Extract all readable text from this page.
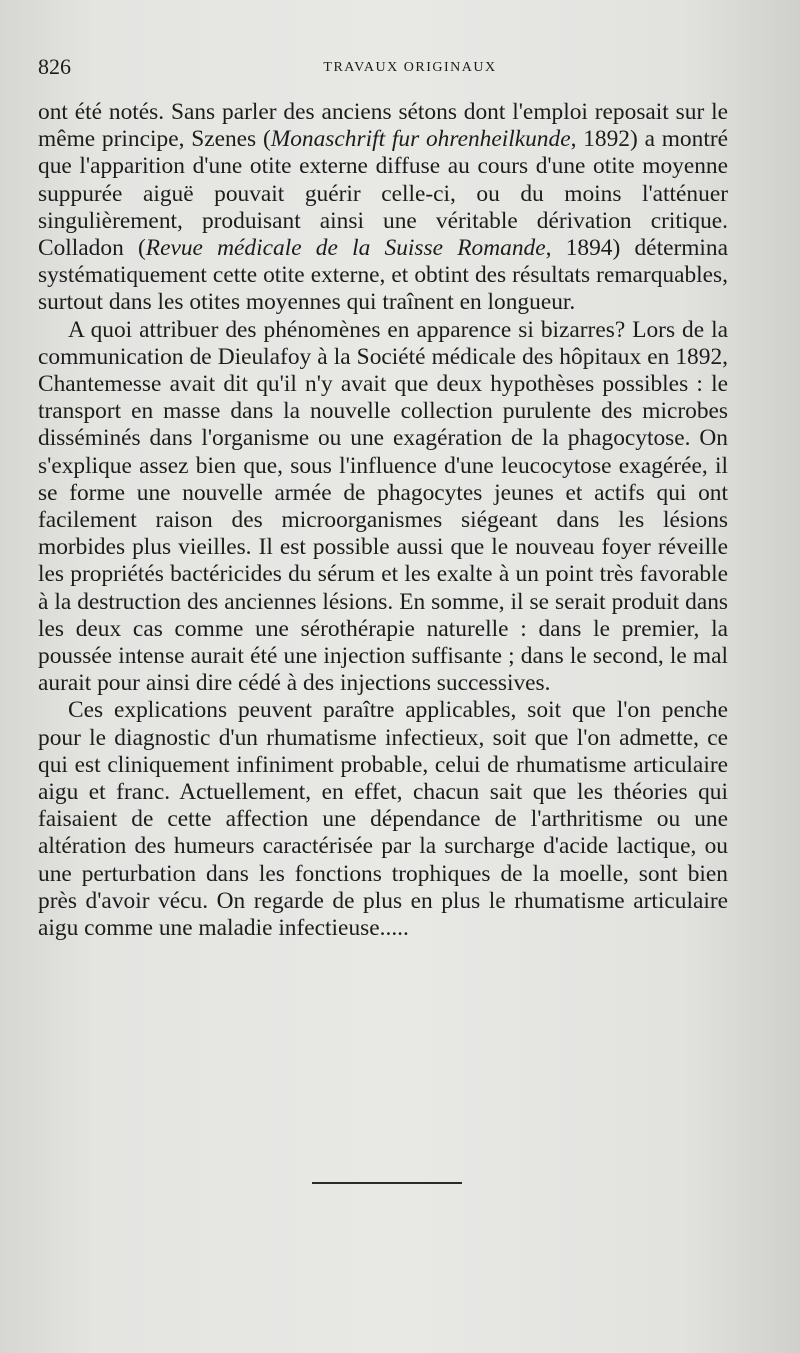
826	TRAVAUX ORIGINAUX

ont été notés. Sans parler des anciens sétons dont l'emploi reposait sur le même principe, Szenes (Monaschrift fur ohrenheilkunde, 1892) a montré que l'apparition d'une otite externe diffuse au cours d'une otite moyenne suppurée aiguë pouvait guérir celle-ci, ou du moins l'atténuer singulièrement, produisant ainsi une véritable dérivation critique. Colladon (Revue médicale de la Suisse Romande, 1894) détermina systématiquement cette otite externe, et obtint des résultats remarquables, surtout dans les otites moyennes qui traînent en longueur.

A quoi attribuer des phénomènes en apparence si bizarres? Lors de la communication de Dieulafoy à la Société médicale des hôpitaux en 1892, Chantemesse avait dit qu'il n'y avait que deux hypothèses possibles : le transport en masse dans la nouvelle collection purulente des microbes disséminés dans l'organisme ou une exagération de la phagocytose. On s'explique assez bien que, sous l'influence d'une leucocytose exagérée, il se forme une nouvelle armée de phagocytes jeunes et actifs qui ont facilement raison des microorganismes siégeant dans les lésions morbides plus vieilles. Il est possible aussi que le nouveau foyer réveille les propriétés bactéricides du sérum et les exalte à un point très favorable à la destruction des anciennes lésions. En somme, il se serait produit dans les deux cas comme une sérothérapie naturelle : dans le premier, la poussée intense aurait été une injection suffisante ; dans le second, le mal aurait pour ainsi dire cédé à des injections successives.

Ces explications peuvent paraître applicables, soit que l'on penche pour le diagnostic d'un rhumatisme infectieux, soit que l'on admette, ce qui est cliniquement infiniment probable, celui de rhumatisme articulaire aigu et franc. Actuellement, en effet, chacun sait que les théories qui faisaient de cette affection une dépendance de l'arthritisme ou une altération des humeurs caractérisée par la surcharge d'acide lactique, ou une perturbation dans les fonctions trophiques de la moelle, sont bien près d'avoir vécu. On regarde de plus en plus le rhumatisme articulaire aigu comme une maladie infectieuse.....
